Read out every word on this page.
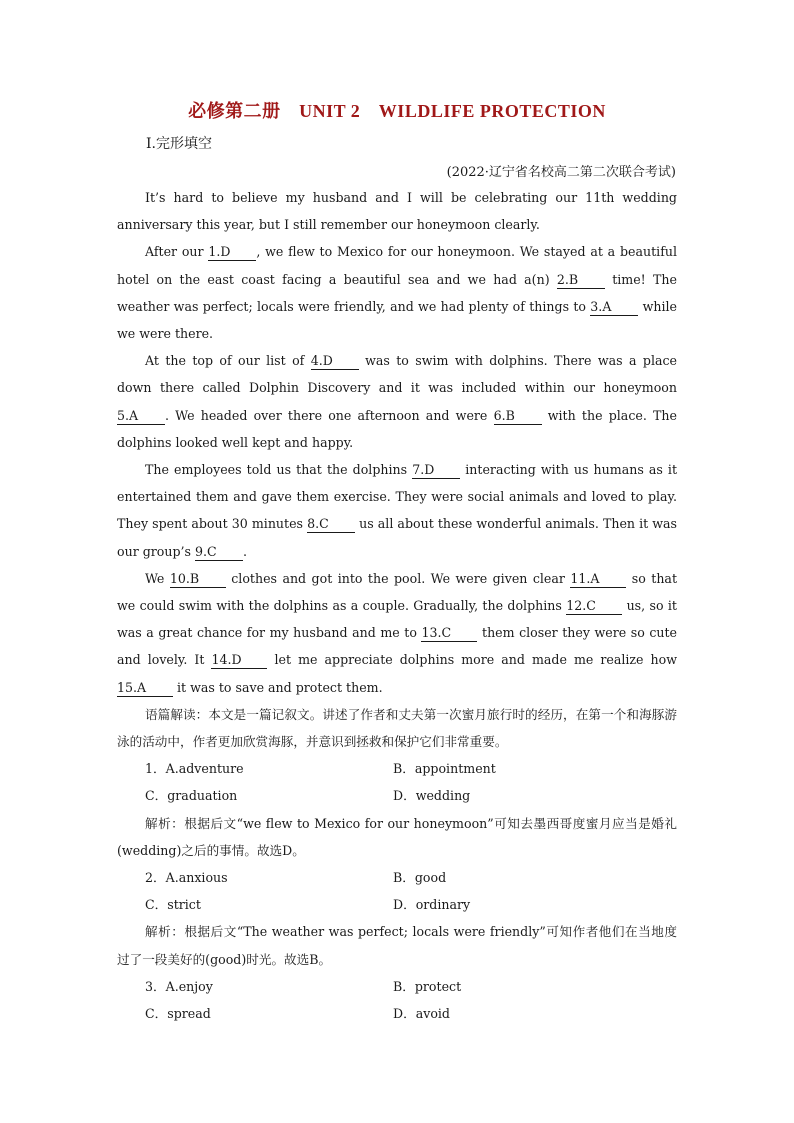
必修第二册　UNIT 2　WILDLIFE PROTECTION
Ⅰ.完形填空
(2022·辽宁省名校高二第二次联合考试)

It’s hard to believe my husband and I will be celebrating our 11th wedding anniversary this year, but I still remember our honeymoon clearly.

After our 1.D , we flew to Mexico for our honeymoon. We stayed at a beautiful hotel on the east coast facing a beautiful sea and we had a(n) 2.B time! The weather was perfect; locals were friendly, and we had plenty of things to 3.A while we were there.

At the top of our list of 4.D was to swim with dolphins. There was a place down there called Dolphin Discovery and it was included within our honeymoon 5.A . We headed over there one afternoon and were 6.B with the place. The dolphins looked well kept and happy.

The employees told us that the dolphins 7.D interacting with us humans as it entertained them and gave them exercise. They were social animals and loved to play. They spent about 30 minutes 8.C us all about these wonderful animals. Then it was our group’s 9.C .

We 10.B clothes and got into the pool. We were given clear 11.A so that we could swim with the dolphins as a couple. Gradually, the dolphins 12.C us, so it was a great chance for my husband and me to 13.C them closer they were so cute and lovely. It 14.D let me appreciate dolphins more and made me realize how 15.A it was to save and protect them.

语篇解读：本文是一篇记叙文。讲述了作者和丈夫第一次蜜月旅行时的经历，在第一个和海豚游泳的活动中，作者更加欣赏海豚，并意识到拯救和保护它们非常重要。

1．A.adventure	B．appointment
C．graduation	D．wedding

解析：根据后文“we flew to Mexico for our honeymoon”可知去墨西哥度蜜月应当是婚礼(wedding)之后的事情。故选D。

2．A.anxious	B．good
C．strict	D．ordinary

解析：根据后文“The weather was perfect; locals were friendly”可知作者他们在当地度过了一段美好的(good)时光。故选B。

3．A.enjoy	B．protect
C．spread	D．avoid
